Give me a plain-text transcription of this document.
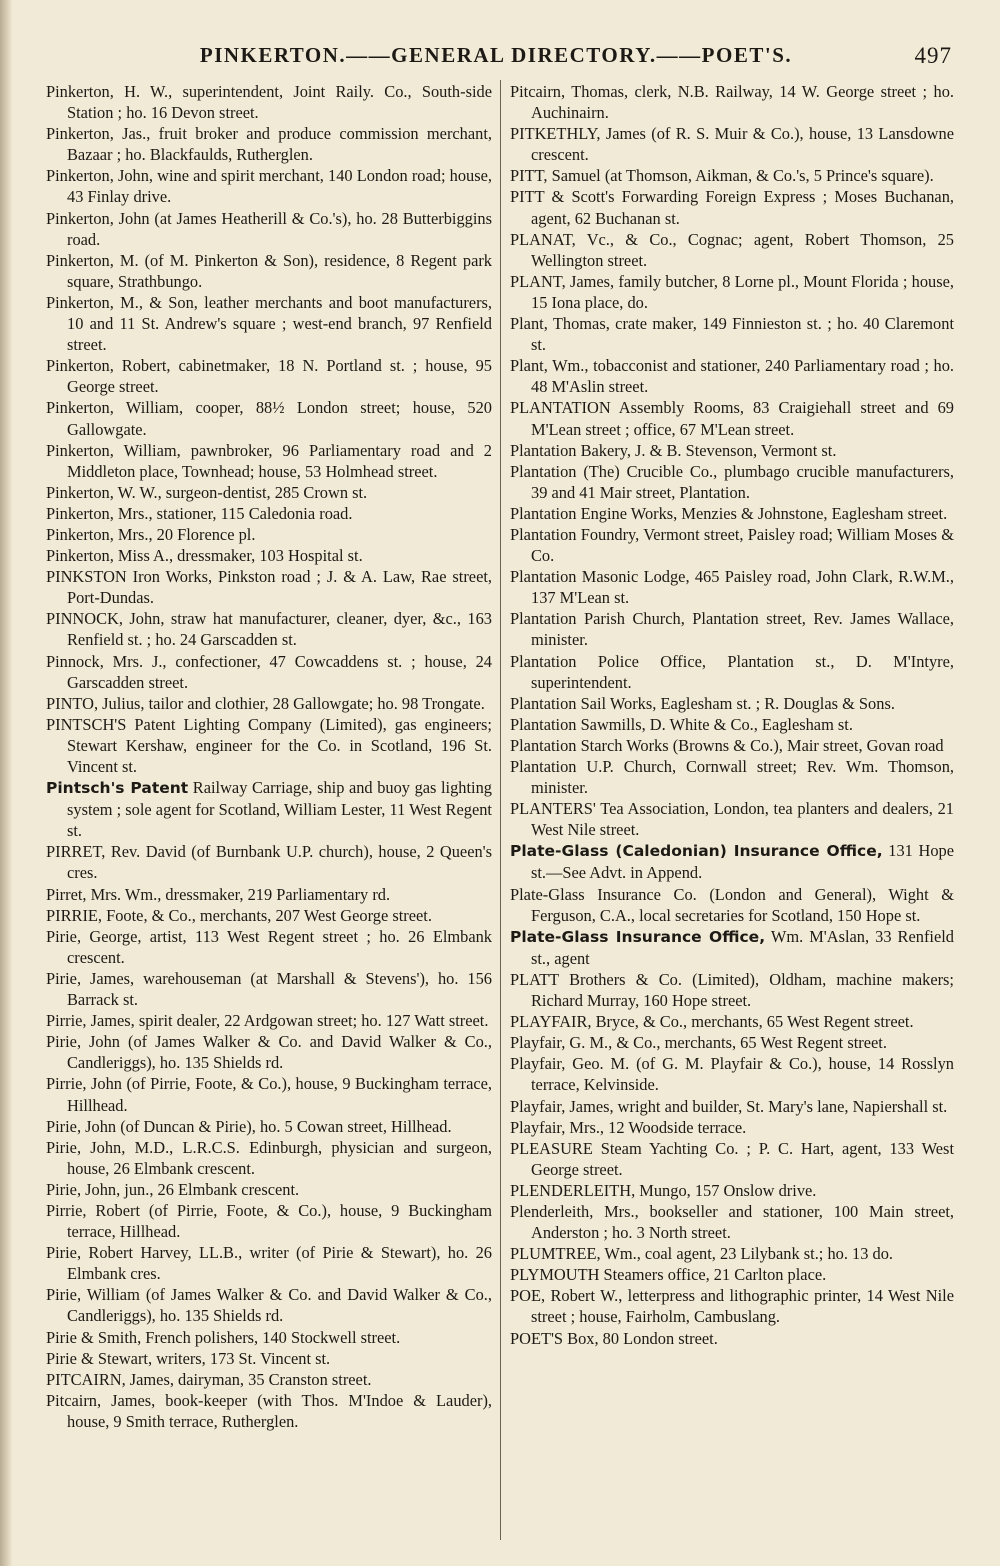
PINKERTON.——GENERAL DIRECTORY.——POET'S.	497
Pinkerton, H. W., superintendent, Joint Raily. Co., South-side Station ; ho. 16 Devon street.
Pinkerton, Jas., fruit broker and produce commission merchant, Bazaar ; ho. Blackfaulds, Rutherglen.
Pinkerton, John, wine and spirit merchant, 140 London road; house, 43 Finlay drive.
Pinkerton, John (at James Heatherill & Co.'s), ho. 28 Butterbiggins road.
Pinkerton, M. (of M. Pinkerton & Son), residence, 8 Regent park square, Strathbungo.
Pinkerton, M., & Son, leather merchants and boot manufacturers, 10 and 11 St. Andrew's square ; west-end branch, 97 Renfield street.
Pinkerton, Robert, cabinetmaker, 18 N. Portland st. ; house, 95 George street.
Pinkerton, William, cooper, 88½ London street; house, 520 Gallowgate.
Pinkerton, William, pawnbroker, 96 Parliamentary road and 2 Middleton place, Townhead; house, 53 Holmhead street.
Pinkerton, W. W., surgeon-dentist, 285 Crown st.
Pinkerton, Mrs., stationer, 115 Caledonia road.
Pinkerton, Mrs., 20 Florence pl.
Pinkerton, Miss A., dressmaker, 103 Hospital st.
PINKSTON Iron Works, Pinkston road ; J. & A. Law, Rae street, Port-Dundas.
PINNOCK, John, straw hat manufacturer, cleaner, dyer, &c., 163 Renfield st. ; ho. 24 Garscadden st.
Pinnock, Mrs. J., confectioner, 47 Cowcaddens st. ; house, 24 Garscadden street.
PINTO, Julius, tailor and clothier, 28 Gallowgate; ho. 98 Trongate.
PINTSCH'S Patent Lighting Company (Limited), gas engineers; Stewart Kershaw, engineer for the Co. in Scotland, 196 St. Vincent st.
Pintsch's Patent Railway Carriage, ship and buoy gas lighting system ; sole agent for Scotland, William Lester, 11 West Regent st.
PIRRET, Rev. David (of Burnbank U.P. church), house, 2 Queen's cres.
Pirret, Mrs. Wm., dressmaker, 219 Parliamentary rd.
PIRRIE, Foote, & Co., merchants, 207 West George street.
Pirie, George, artist, 113 West Regent street ; ho. 26 Elmbank crescent.
Pirie, James, warehouseman (at Marshall & Stevens'), ho. 156 Barrack st.
Pirrie, James, spirit dealer, 22 Ardgowan street; ho. 127 Watt street.
Pirie, John (of James Walker & Co. and David Walker & Co., Candleriggs), ho. 135 Shields rd.
Pirrie, John (of Pirrie, Foote, & Co.), house, 9 Buckingham terrace, Hillhead.
Pirie, John (of Duncan & Pirie), ho. 5 Cowan street, Hillhead.
Pirie, John, M.D., L.R.C.S. Edinburgh, physician and surgeon, house, 26 Elmbank crescent.
Pirie, John, jun., 26 Elmbank crescent.
Pirrie, Robert (of Pirrie, Foote, & Co.), house, 9 Buckingham terrace, Hillhead.
Pirie, Robert Harvey, LL.B., writer (of Pirie & Stewart), ho. 26 Elmbank cres.
Pirie, William (of James Walker & Co. and David Walker & Co., Candleriggs), ho. 135 Shields rd.
Pirie & Smith, French polishers, 140 Stockwell street.
Pirie & Stewart, writers, 173 St. Vincent st.
PITCAIRN, James, dairyman, 35 Cranston street.
Pitcairn, James, book-keeper (with Thos. M'Indoe & Lauder), house, 9 Smith terrace, Rutherglen.
Pitcairn, Thomas, clerk, N.B. Railway, 14 W. George street ; ho. Auchinairn.
PITKETHLY, James (of R. S. Muir & Co.), house, 13 Lansdowne crescent.
PITT, Samuel (at Thomson, Aikman, & Co.'s, 5 Prince's square).
PITT & Scott's Forwarding Foreign Express ; Moses Buchanan, agent, 62 Buchanan st.
PLANAT, Vc., & Co., Cognac; agent, Robert Thomson, 25 Wellington street.
PLANT, James, family butcher, 8 Lorne pl., Mount Florida ; house, 15 Iona place, do.
Plant, Thomas, crate maker, 149 Finnieston st. ; ho. 40 Claremont st.
Plant, Wm., tobacconist and stationer, 240 Parliamentary road ; ho. 48 M'Aslin street.
PLANTATION Assembly Rooms, 83 Craigiehall street and 69 M'Lean street ; office, 67 M'Lean street.
Plantation Bakery, J. & B. Stevenson, Vermont st.
Plantation (The) Crucible Co., plumbago crucible manufacturers, 39 and 41 Mair street, Plantation.
Plantation Engine Works, Menzies & Johnstone, Eaglesham street.
Plantation Foundry, Vermont street, Paisley road; William Moses & Co.
Plantation Masonic Lodge, 465 Paisley road, John Clark, R.W.M., 137 M'Lean st.
Plantation Parish Church, Plantation street, Rev. James Wallace, minister.
Plantation Police Office, Plantation st., D. M'Intyre, superintendent.
Plantation Sail Works, Eaglesham st. ; R. Douglas & Sons.
Plantation Sawmills, D. White & Co., Eaglesham st.
Plantation Starch Works (Browns & Co.), Mair street, Govan road
Plantation U.P. Church, Cornwall street; Rev. Wm. Thomson, minister.
PLANTERS' Tea Association, London, tea planters and dealers, 21 West Nile street.
Plate-Glass (Caledonian) Insurance Office, 131 Hope st.—See Advt. in Append.
Plate-Glass Insurance Co. (London and General), Wight & Ferguson, C.A., local secretaries for Scotland, 150 Hope st.
Plate-Glass Insurance Office, Wm. M'Aslan, 33 Renfield st., agent
PLATT Brothers & Co. (Limited), Oldham, machine makers; Richard Murray, 160 Hope street.
PLAYFAIR, Bryce, & Co., merchants, 65 West Regent street.
Playfair, G. M., & Co., merchants, 65 West Regent street.
Playfair, Geo. M. (of G. M. Playfair & Co.), house, 14 Rosslyn terrace, Kelvinside.
Playfair, James, wright and builder, St. Mary's lane, Napiershall st.
Playfair, Mrs., 12 Woodside terrace.
PLEASURE Steam Yachting Co. ; P. C. Hart, agent, 133 West George street.
PLENDERLEITH, Mungo, 157 Onslow drive.
Plenderleith, Mrs., bookseller and stationer, 100 Main street, Anderston ; ho. 3 North street.
PLUMTREE, Wm., coal agent, 23 Lilybank st.; ho. 13 do.
PLYMOUTH Steamers office, 21 Carlton place.
POE, Robert W., letterpress and lithographic printer, 14 West Nile street ; house, Fairholm, Cambuslang.
POET'S Box, 80 London street.
